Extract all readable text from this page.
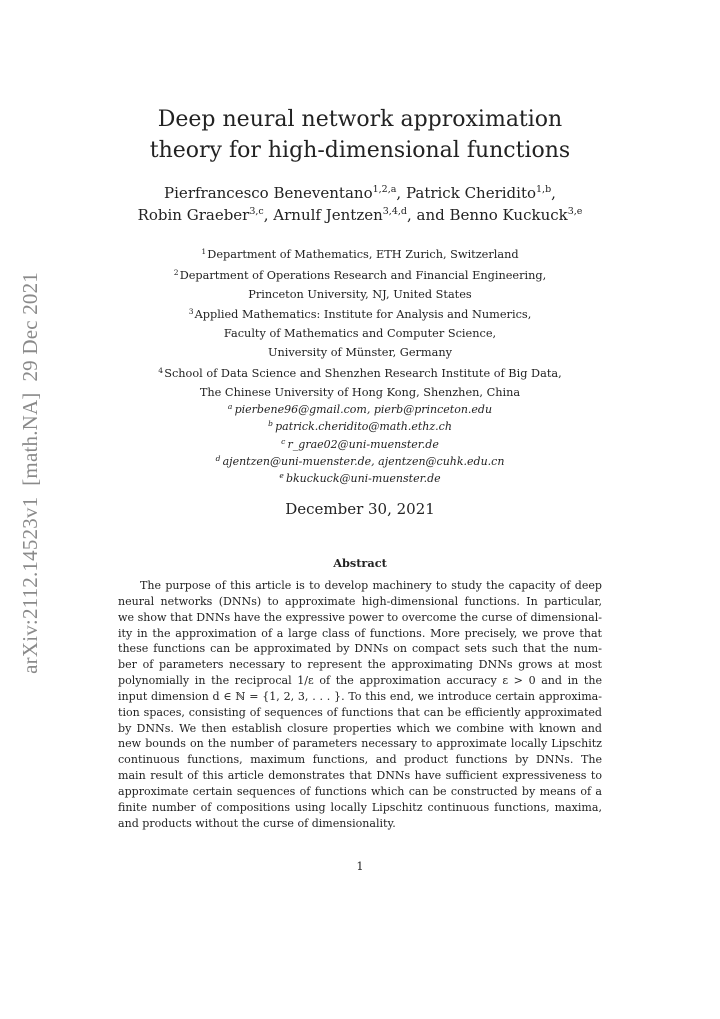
arXiv:2112.14523v1  [math.NA]  29 Dec 2021
Deep neural network approximation
theory for high-dimensional functions
Pierfrancesco Beneventano$^{1,2,a}$, Patrick Cheridito$^{1,b}$,
Robin Graeber$^{3,c}$, Arnulf Jentzen$^{3,4,d}$, and Benno Kuckuck$^{3,e}$
$^1$ Department of Mathematics, ETH Zurich, Switzerland
$^2$ Department of Operations Research and Financial Engineering,
Princeton University, NJ, United States
$^3$ Applied Mathematics: Institute for Analysis and Numerics,
Faculty of Mathematics and Computer Science,
University of Münster, Germany
$^4$ School of Data Science and Shenzhen Research Institute of Big Data,
The Chinese University of Hong Kong, Shenzhen, China
$^a$  pierbene96@gmail.com, pierb@princeton.edu
$^b$  patrick.cheridito@math.ethz.ch
$^c$  r_grae02@uni-muenster.de
$^d$  ajentzen@uni-muenster.de, ajentzen@cuhk.edu.cn
$^e$  bkuckuck@uni-muenster.de
December 30, 2021
Abstract
The purpose of this article is to develop machinery to study the capacity of deep
neural networks (DNNs) to approximate high-dimensional functions. In particular,
we show that DNNs have the expressive power to overcome the curse of dimensional-
ity in the approximation of a large class of functions. More precisely, we prove that
these functions can be approximated by DNNs on compact sets such that the num-
ber of parameters necessary to represent the approximating DNNs grows at most
polynomially in the reciprocal 1/ε of the approximation accuracy ε > 0 and in the
input dimension d ∈ ℕ = {1, 2, 3, . . . }. To this end, we introduce certain approxima-
tion spaces, consisting of sequences of functions that can be efficiently approximated
by DNNs. We then establish closure properties which we combine with known and
new bounds on the number of parameters necessary to approximate locally Lipschitz
continuous functions, maximum functions, and product functions by DNNs. The
main result of this article demonstrates that DNNs have sufficient expressiveness to
approximate certain sequences of functions which can be constructed by means of a
finite number of compositions using locally Lipschitz continuous functions, maxima,
and products without the curse of dimensionality.
1
